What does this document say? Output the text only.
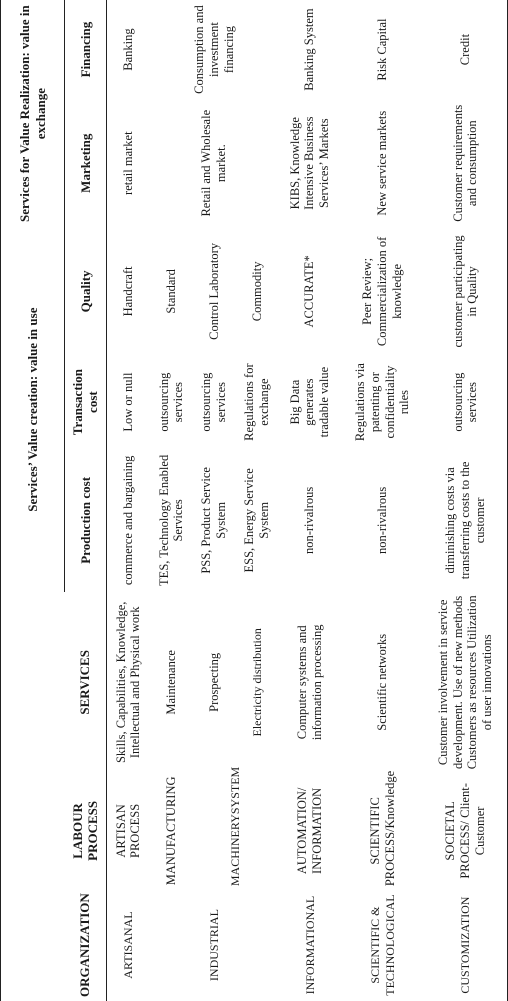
			Services’ Value creation: value in use			Services for Value Realization: value in exchange	
ORGANIZATION	LABOUR PROCESS	SERVICES	Production cost	Transaction cost	Quality	Marketing	Financing
ARTISANAL	ARTISAN PROCESS	Skills, Capabilities, Knowledge, Intellectual and Physical work	commerce and bargaining	Low or null	Handcraft	retail market	Banking
INDUSTRIAL	MANUFACTURING	Maintenance	TES, Technology Enabled Services	outsourcing services	Standard	Retail and Wholesale market.	Consumption and investment financing
	MACHINERYSYSTEM	Prospecting	PSS, Product Service System	outsourcing services	Control Laboratory		
		Electricity distribution	ESS, Energy Service System	Regulations for exchange	Commodity		
INFORMATIONAL	AUTOMATION/ INFORMATION	Computer systems and information processing	non-rivalrous	Big Data generates tradable value	ACCURATE*	KIBS, Knowledge Intensive Business Services’ Markets	Banking System
SCIENTIFIC & TECHNOLOGICAL	SCIENTIFIC PROCESS/Knowledge	Scientific networks	non-rivalrous	Regulations via patenting or confidentiality rules	Peer Review; Commercialization of knowledge	New service markets	Risk Capital
CUSTOMIZATION	SOCIETAL PROCESS/ Client-Customer	Customer involvement in service development. Use of new methods Customers as resources Utilization of user innovations	diminishing costs via transferring costs to the customer	outsourcing services	customer participating in Quality	Customer requirements and consumption	Credit
